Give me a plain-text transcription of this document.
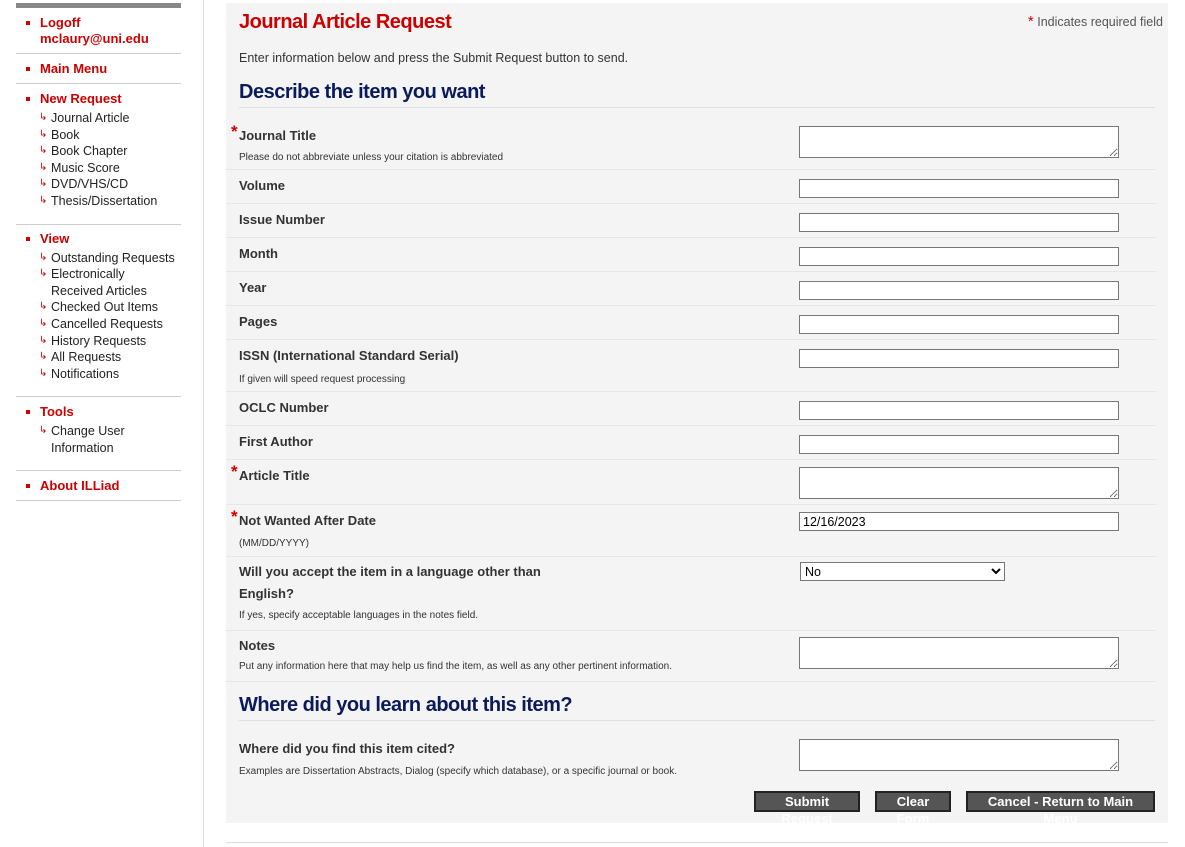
Logoff
mclaury@uni.edu
Main Menu
New Request
↳ Journal Article
↳ Book
↳ Book Chapter
↳ Music Score
↳ DVD/VHS/CD
↳ Thesis/Dissertation
View
↳ Outstanding Requests
↳ Electronically Received Articles
↳ Checked Out Items
↳ Cancelled Requests
↳ History Requests
↳ All Requests
↳ Notifications
Tools
↳ Change User Information
About ILLiad
Journal Article Request	* Indicates required field
Enter information below and press the Submit Request button to send.
Describe the item you want
* Journal Title
Please do not abbreviate unless your citation is abbreviated
Volume
Issue Number
Month
Year
Pages
ISSN (International Standard Serial)
If given will speed request processing
OCLC Number
First Author
* Article Title
* Not Wanted After Date
(MM/DD/YYYY)
12/16/2023
Will you accept the item in a language other than
English?
If yes, specify acceptable languages in the notes field.
No
Notes
Put any information here that may help us find the item, as well as any other pertinent information.
Where did you learn about this item?
Where did you find this item cited?
Examples are Dissertation Abstracts, Dialog (specify which database), or a specific journal or book.
Submit Request
Clear Form
Cancel - Return to Main Menu
